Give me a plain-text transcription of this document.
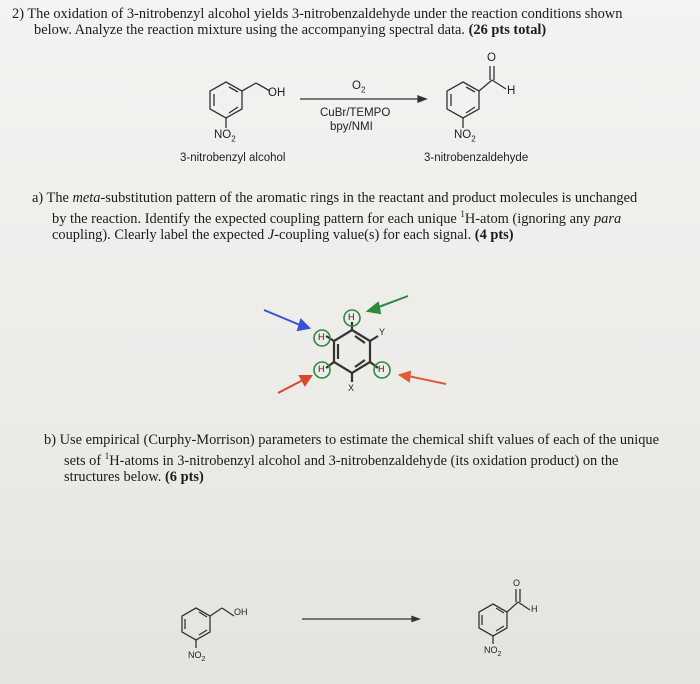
2) The oxidation of 3-nitrobenzyl alcohol yields 3-nitrobenzaldehyde under the reaction conditions shown
below. Analyze the reaction mixture using the accompanying spectral data. (26 pts total)
OH
$NO_2$
3-nitrobenzyl alcohol
$O_2$
CuBr/TEMPO
bpy/NMI
O
H
$NO_2$
3-nitrobenzaldehyde
a) The meta-substitution pattern of the aromatic rings in the reactant and product molecules is unchanged
by the reaction. Identify the expected coupling pattern for each unique $^1$H-atom (ignoring any para
coupling). Clearly label the expected J-coupling value(s) for each signal. (4 pts)
H
H
H	H
Y
X
b) Use empirical (Curphy-Morrison) parameters to estimate the chemical shift values of each of the unique
sets of $^1$H-atoms in 3-nitrobenzyl alcohol and 3-nitrobenzaldehyde (its oxidation product) on the
structures below. (6 pts)
OH
$NO_2$
O
H
$NO_2$
